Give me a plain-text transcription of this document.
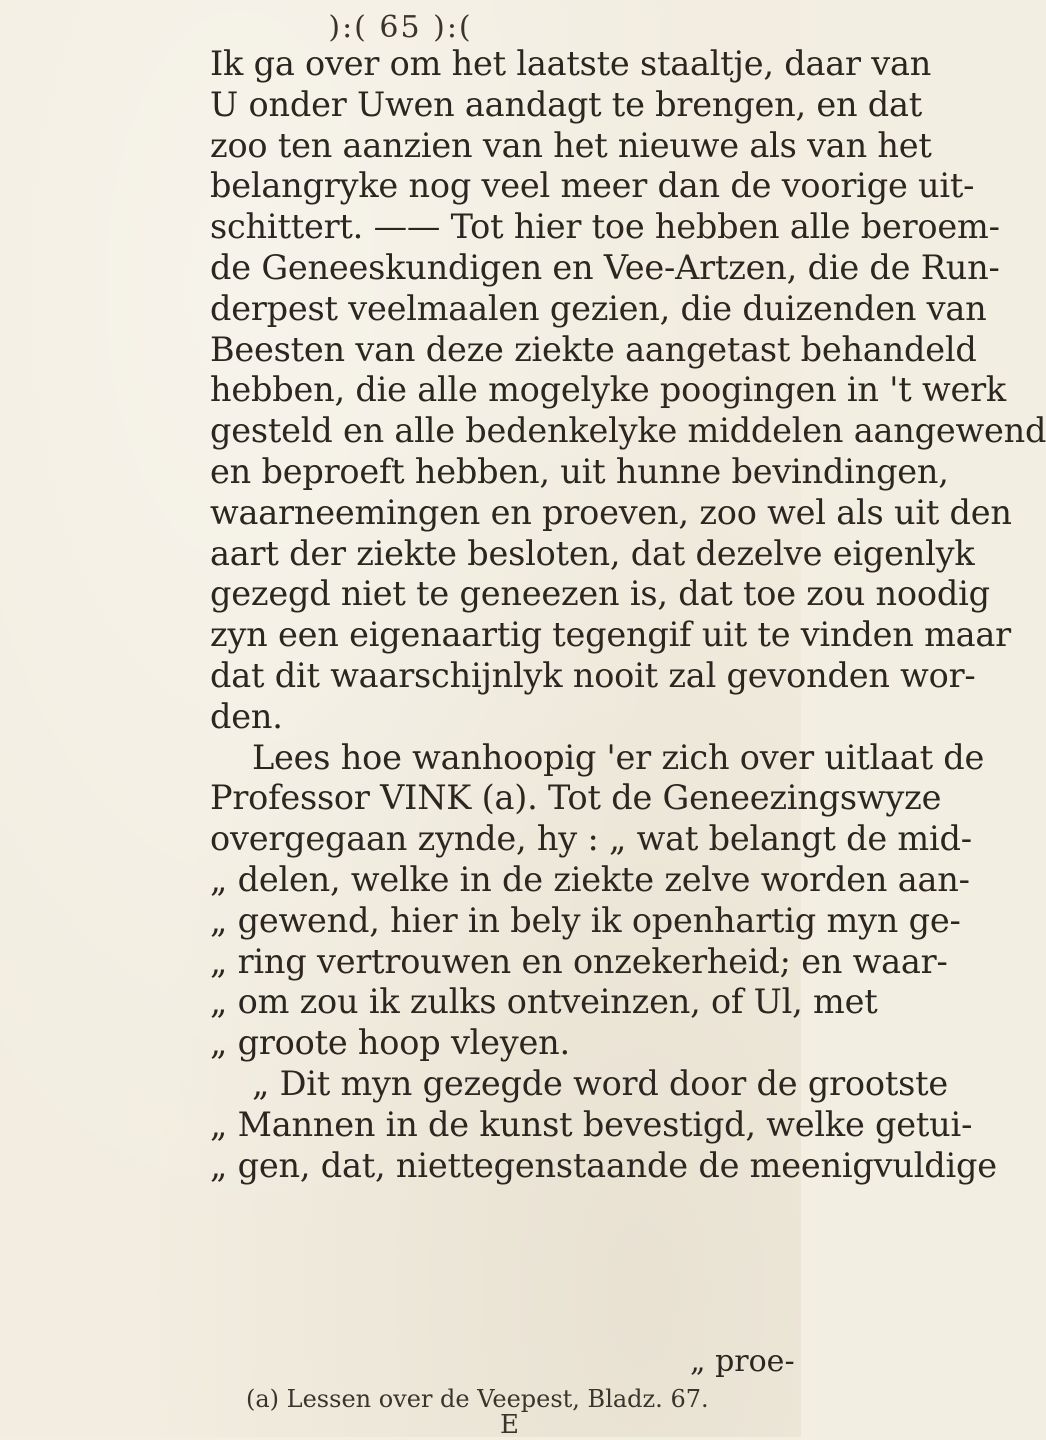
):( 65 ):(
Ik ga over om het laatste staaltje, daar van
U onder Uwen aandagt te brengen, en dat
zoo ten aanzien van het nieuwe als van het
belangryke nog veel meer dan de voorige uit-
schittert. —— Tot hier toe hebben alle beroem-
de Geneeskundigen en Vee-Artzen, die de Run-
derpest veelmaalen gezien, die duizenden van
Beesten van deze ziekte aangetast behandeld
hebben, die alle mogelyke poogingen in 't werk
gesteld en alle bedenkelyke middelen aangewend
en beproeft hebben, uit hunne bevindingen,
waarneemingen en proeven, zoo wel als uit den
aart der ziekte besloten, dat dezelve eigenlyk
gezegd niet te geneezen is, dat toe zou noodig
zyn een eigenaartig tegengif uit te vinden maar
dat dit waarschijnlyk nooit zal gevonden wor-
den.
Lees hoe wanhoopig 'er zich over uitlaat de
Professor VINK (a). Tot de Geneezingswyze
overgegaan zynde, hy : „ wat belangt de mid-
„ delen, welke in de ziekte zelve worden aan-
„ gewend, hier in bely ik openhartig myn ge-
„ ring vertrouwen en onzekerheid; en waar-
„ om zou ik zulks ontveinzen, of Ul, met
„ groote hoop vleyen.
„ Dit myn gezegde word door de grootste
„ Mannen in de kunst bevestigd, welke getui-
„ gen, dat, niettegenstaande de meenigvuldige
„ proe-
(a) Lessen over de Veepest, Bladz. 67.
E
